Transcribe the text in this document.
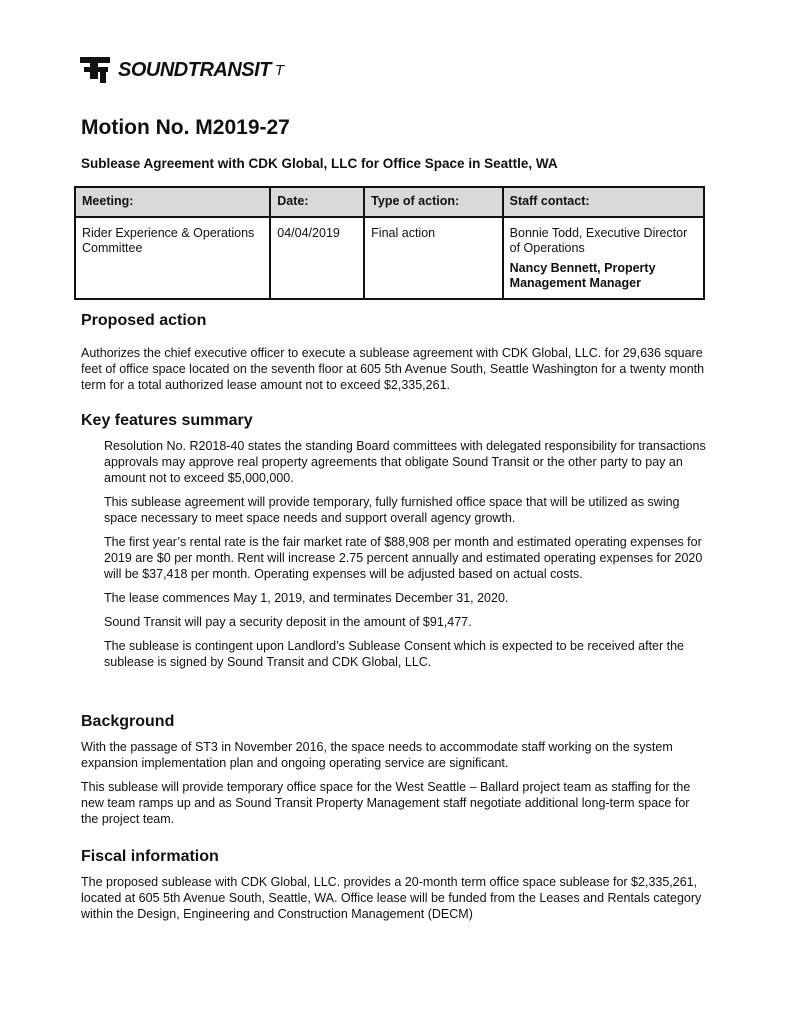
SOUNDTRANSIT T
Motion No. M2019-27

Sublease Agreement with CDK Global, LLC for Office Space in Seattle, WA

Meeting:	Date:	Type of action:	Staff contact:
Rider Experience & Operations Committee	04/04/2019	Final action	Bonnie Todd, Executive Director of Operations
Nancy Bennett, Property Management Manager
Proposed action

Authorizes the chief executive officer to execute a sublease agreement with CDK Global, LLC. for 29,636 square feet of office space located on the seventh floor at 605 5th Avenue South, Seattle Washington for a twenty month term for a total authorized lease amount not to exceed $2,335,261.

Key features summary

Resolution No. R2018-40 states the standing Board committees with delegated responsibility for transactions approvals may approve real property agreements that obligate Sound Transit or the other party to pay an amount not to exceed $5,000,000.

This sublease agreement will provide temporary, fully furnished office space that will be utilized as swing space necessary to meet space needs and support overall agency growth.

The first year’s rental rate is the fair market rate of $88,908 per month and estimated operating expenses for 2019 are $0 per month. Rent will increase 2.75 percent annually and estimated operating expenses for 2020 will be $37,418 per month. Operating expenses will be adjusted based on actual costs.

The lease commences May 1, 2019, and terminates December 31, 2020.

Sound Transit will pay a security deposit in the amount of $91,477.

The sublease is contingent upon Landlord’s Sublease Consent which is expected to be received after the sublease is signed by Sound Transit and CDK Global, LLC.

Background

With the passage of ST3 in November 2016, the space needs to accommodate staff working on the system expansion implementation plan and ongoing operating service are significant.

This sublease will provide temporary office space for the West Seattle – Ballard project team as staffing for the new team ramps up and as Sound Transit Property Management staff negotiate additional long-term space for the project team.

Fiscal information

The proposed sublease with CDK Global, LLC. provides a 20-month term office space sublease for $2,335,261, located at 605 5th Avenue South, Seattle, WA. Office lease will be funded from the Leases and Rentals category within the Design, Engineering and Construction Management (DECM)
